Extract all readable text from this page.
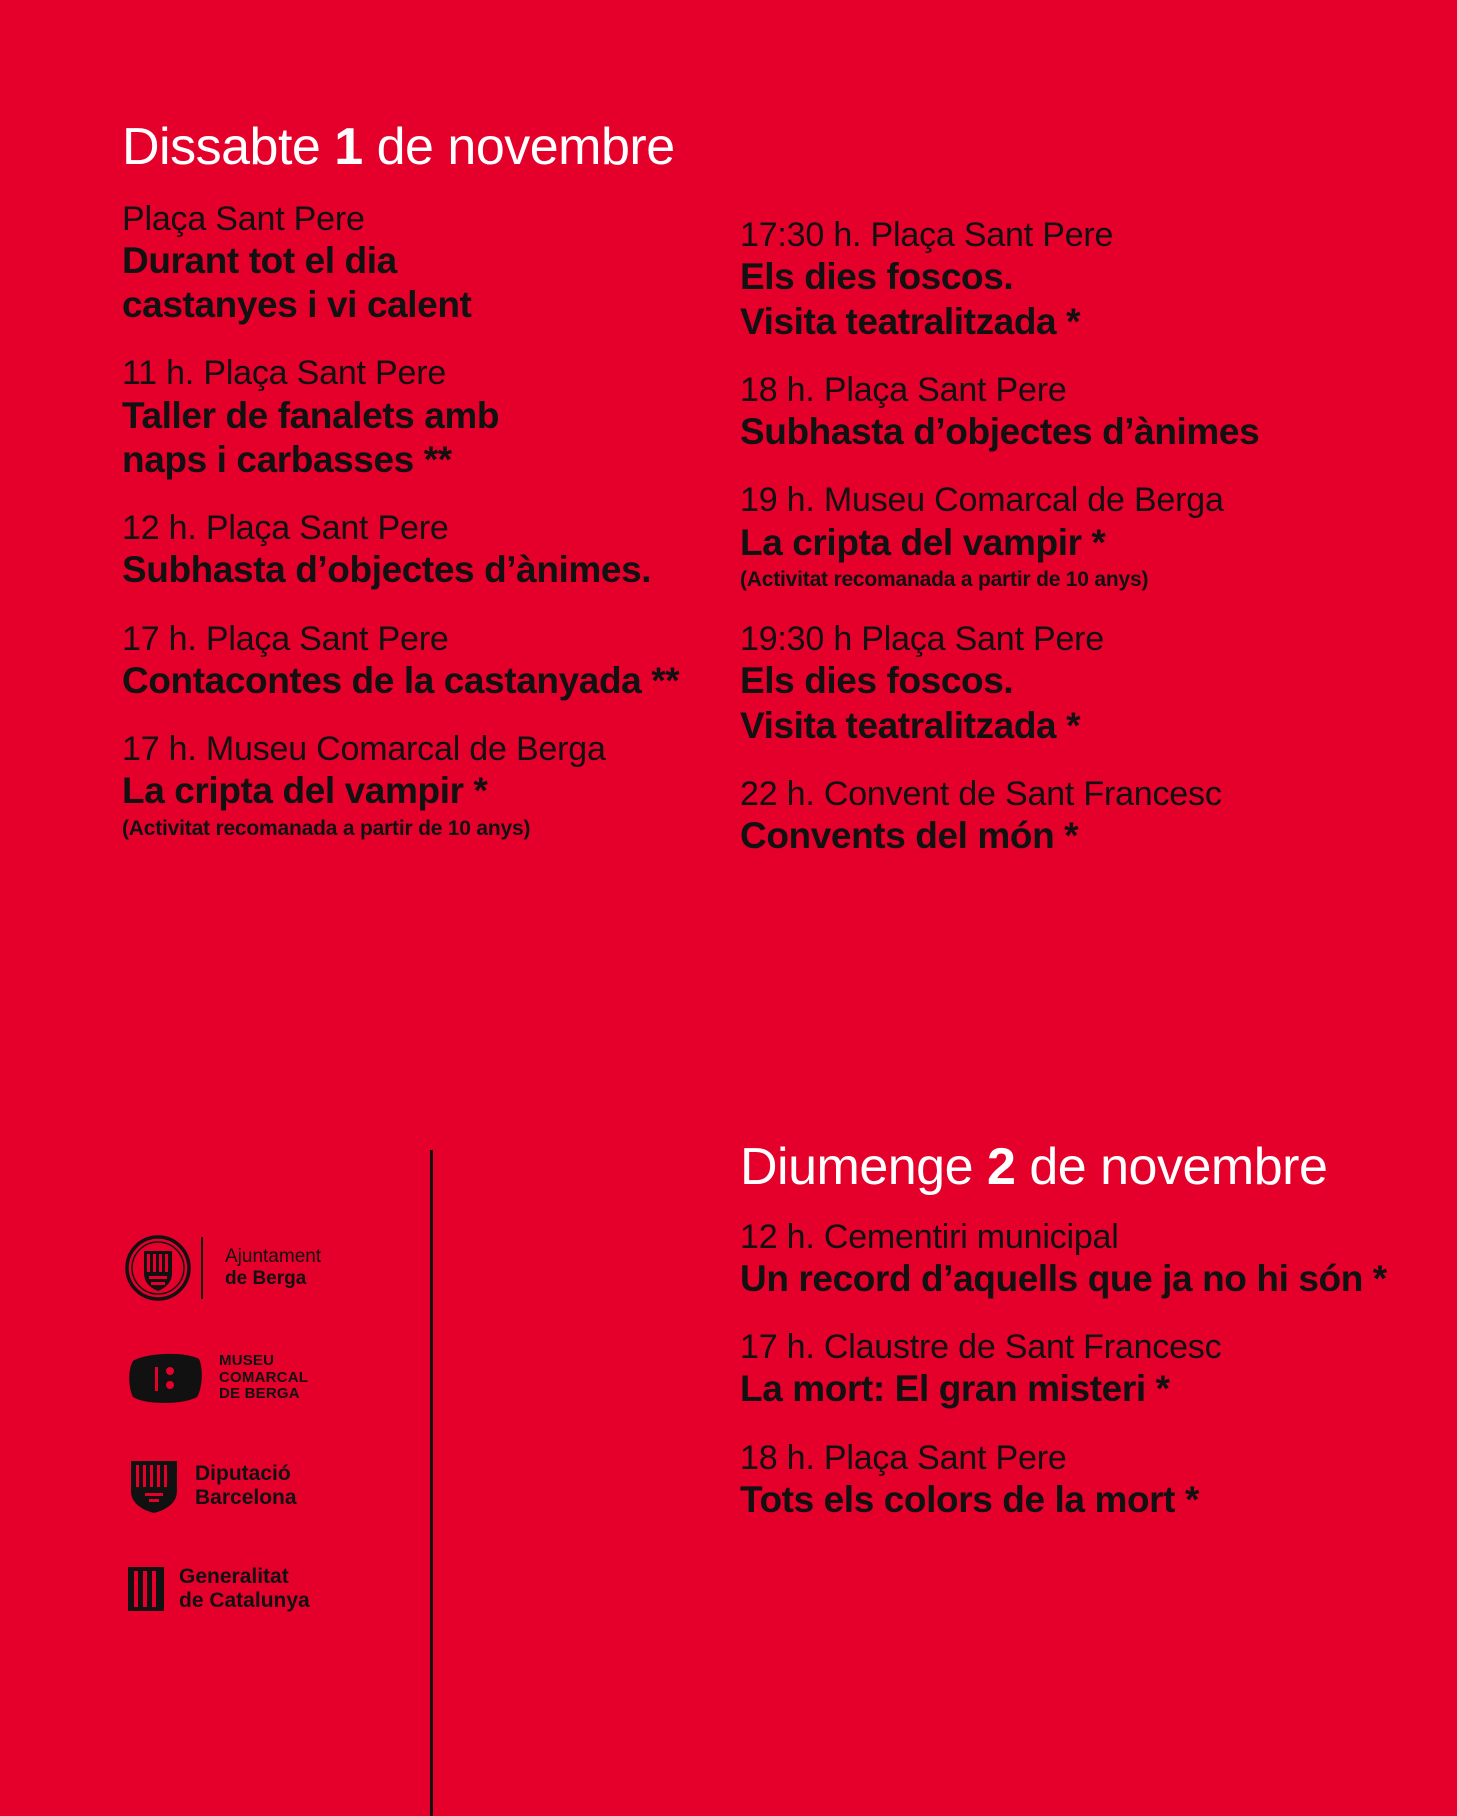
Dissabte 1 de novembre
Plaça Sant Pere
Durant tot el dia
castanyes i vi calent
11 h. Plaça Sant Pere
Taller de fanalets amb
naps i carbasses **
12 h. Plaça Sant Pere
Subhasta d’objectes d’ànimes.
17 h. Plaça Sant Pere
Contacontes de la castanyada **
17 h. Museu Comarcal de Berga
La cripta del vampir *
(Activitat recomanada a partir de 10 anys)
17:30 h. Plaça Sant Pere
Els dies foscos.
Visita teatralitzada *
18 h. Plaça Sant Pere
Subhasta d’objectes d’ànimes
19 h. Museu Comarcal de Berga
La cripta del vampir *
(Activitat recomanada a partir de 10 anys)
19:30 h Plaça Sant Pere
Els dies foscos.
Visita teatralitzada *
22 h. Convent de Sant Francesc
Convents del món *
Diumenge 2 de novembre
12 h. Cementiri municipal
Un record d’aquells que ja no hi són *
17 h. Claustre de Sant Francesc
La mort: El gran misteri *
18 h. Plaça Sant Pere
Tots els colors de la mort *
Ajuntament
de Berga
MUSEU
COMARCAL
DE BERGA
Diputació
Barcelona
Generalitat
de Catalunya
